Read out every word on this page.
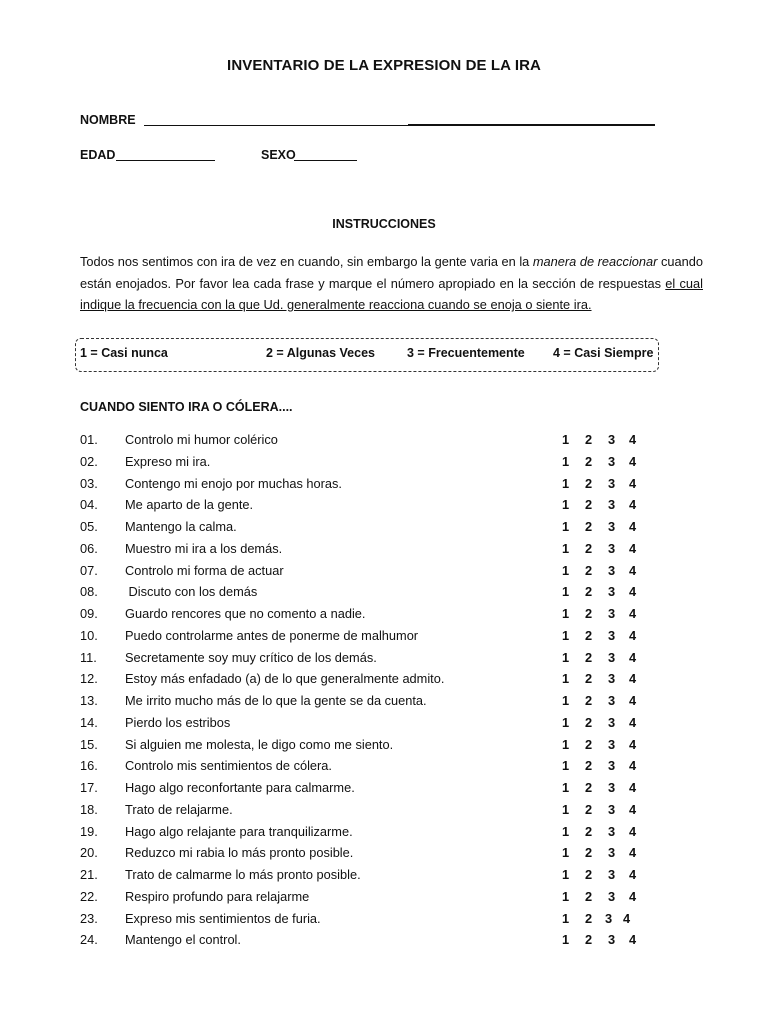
INVENTARIO DE LA EXPRESION DE LA IRA
NOMBRE
EDAD	SEXO
INSTRUCCIONES
Todos nos sentimos con ira de vez en cuando, sin embargo la gente varia en la manera de reaccionar cuando están enojados. Por favor lea cada frase y marque el número apropiado en la sección de respuestas el cual indique la frecuencia con la que Ud. generalmente reacciona cuando se enoja o siente ira.
1 = Casi nunca	2 = Algunas Veces	3 = Frecuentemente 4 = Casi Siempre
CUANDO SIENTO IRA O CÓLERA....
01. Controlo mi humor colérico	1 2 3 4
02. Expreso mi ira.	1 2 3 4
03. Contengo mi enojo por muchas horas.	1 2 3 4
04. Me aparto de la gente.	1 2 3 4
05. Mantengo la calma.	1 2 3 4
06. Muestro mi ira a los demás.	1 2 3 4
07. Controlo mi forma de actuar	1 2 3 4
08. Discuto con los demás	1 2 3 4
09. Guardo rencores que no comento a nadie.	1 2 3 4
10. Puedo controlarme antes de ponerme de malhumor	1 2 3 4
11. Secretamente soy muy crítico de los demás.	1 2 3 4
12. Estoy más enfadado (a) de lo que generalmente admito.	1 2 3 4
13. Me irrito mucho más de lo que la gente se da cuenta.	1 2 3 4
14. Pierdo los estribos	1 2 3 4
15. Si alguien me molesta, le digo como me siento.	1 2 3 4
16. Controlo mis sentimientos de cólera.	1 2 3 4
17. Hago algo reconfortante para calmarme.	1 2 3 4
18. Trato de relajarme.	1 2 3 4
19. Hago algo relajante para tranquilizarme.	1 2 3 4
20. Reduzco mi rabia lo más pronto posible.	1 2 3 4
21. Trato de calmarme lo más pronto posible.	1 2 3 4
22. Respiro profundo para relajarme	1 2 3 4
23. Expreso mis sentimientos de furia.	1 2 3 4
24. Mantengo el control.	1 2 3 4
